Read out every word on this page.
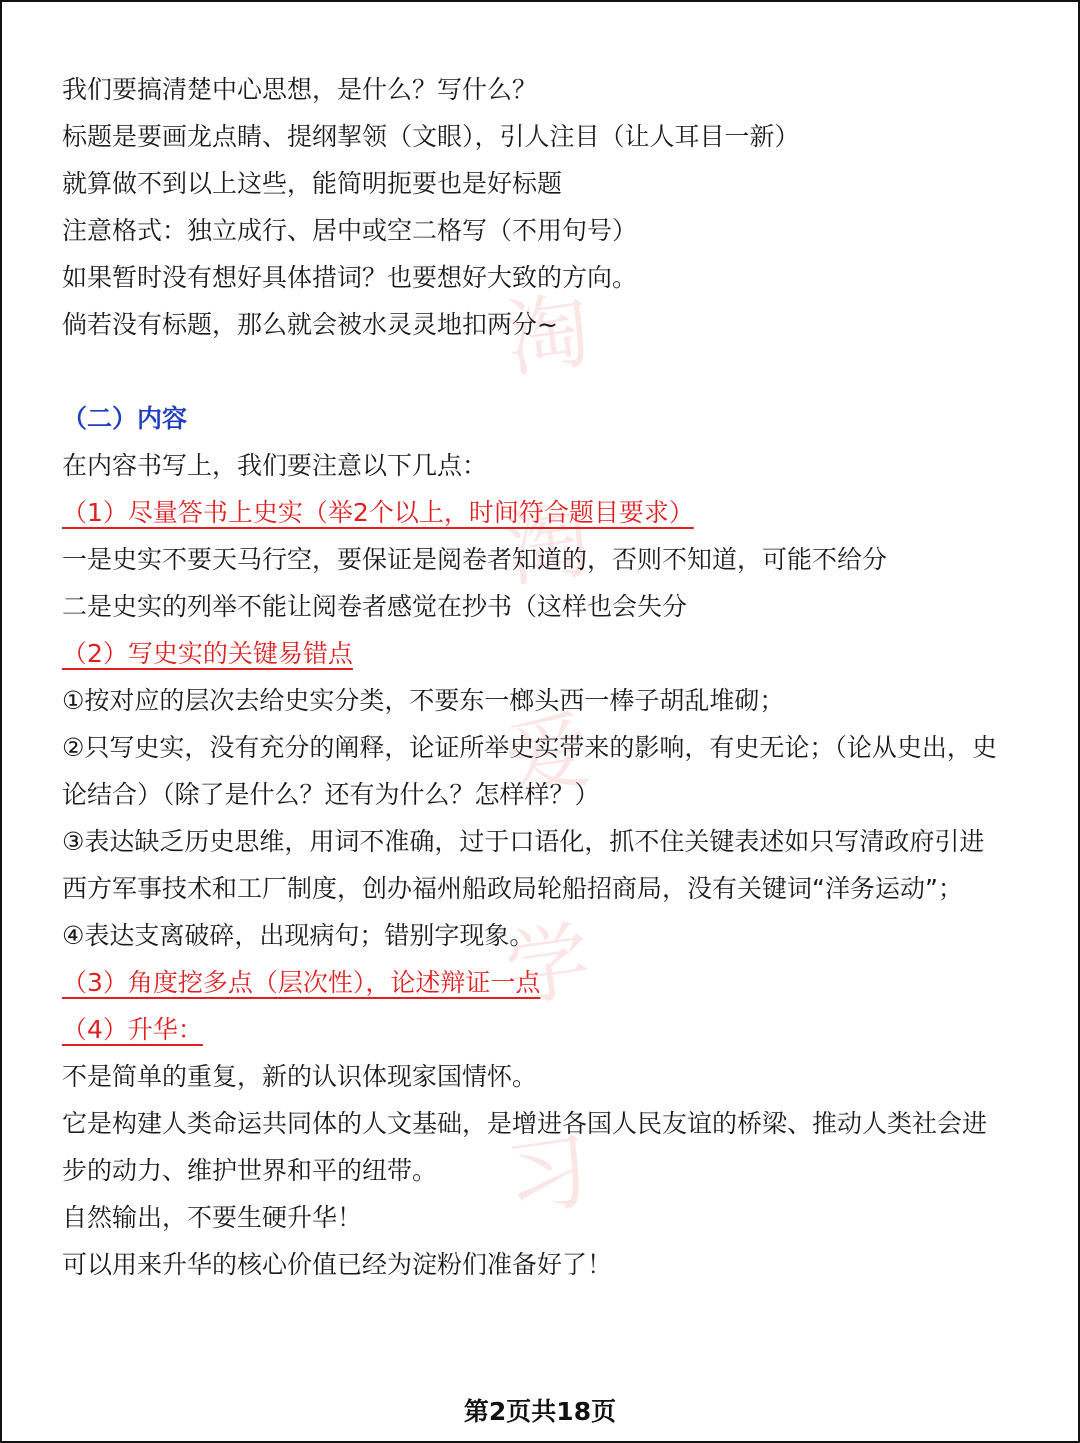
淘
淘
爱
学
习
我们要搞清楚中心思想，是什么？写什么？
标题是要画龙点睛、提纲挈领（文眼），引人注目（让人耳目一新）
就算做不到以上这些，能简明扼要也是好标题
注意格式：独立成行、居中或空二格写（不用句号）
如果暂时没有想好具体措词？也要想好大致的方向。
倘若没有标题，那么就会被水灵灵地扣两分~
（二）内容
在内容书写上，我们要注意以下几点：
（1）尽量答书上史实（举2个以上，时间符合题目要求）
一是史实不要天马行空，要保证是阅卷者知道的，否则不知道，可能不给分
二是史实的列举不能让阅卷者感觉在抄书（这样也会失分
（2）写史实的关键易错点
①按对应的层次去给史实分类，不要东一榔头西一棒子胡乱堆砌；
②只写史实，没有充分的阐释，论证所举史实带来的影响，有史无论；（论从史出，史论结合）（除了是什么？还有为什么？怎样样？）
③表达缺乏历史思维，用词不准确，过于口语化，抓不住关键表述如只写清政府引进西方军事技术和工厂制度，创办福州船政局轮船招商局，没有关键词“洋务运动”；
④表达支离破碎，出现病句；错别字现象。
（3）角度挖多点（层次性），论述辩证一点
（4）升华：
不是简单的重复，新的认识体现家国情怀。
它是构建人类命运共同体的人文基础，是增进各国人民友谊的桥梁、推动人类社会进步的动力、维护世界和平的纽带。
自然输出，不要生硬升华！
可以用来升华的核心价值已经为淀粉们准备好了！
第2页共18页
